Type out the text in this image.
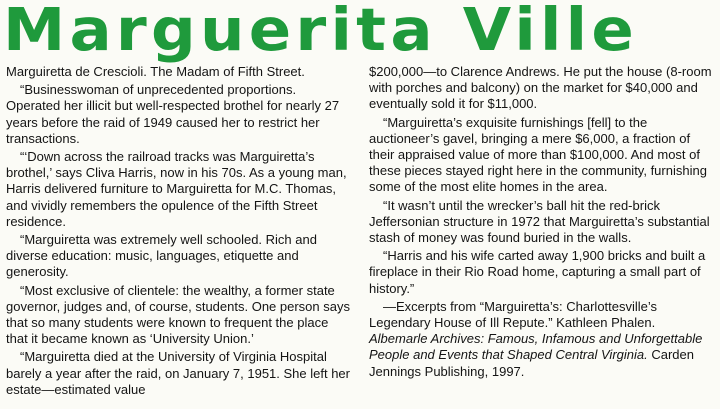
Marguerita Ville

Marguiretta de Crescioli. The Madam of Fifth Street.

“Businesswoman of unprecedented proportions. Operated her illicit but well-respected brothel for nearly 27 years before the raid of 1949 caused her to restrict her transactions.

“‘Down across the railroad tracks was Marguiretta’s brothel,’ says Cliva Harris, now in his 70s. As a young man, Harris delivered furniture to Marguiretta for M.C. Thomas, and vividly remembers the opulence of the Fifth Street residence.

“Marguiretta was extremely well schooled. Rich and diverse education: music, languages, etiquette and generosity.

“Most exclusive of clientele: the wealthy, a former state governor, judges and, of course, students. One person says that so many students were known to frequent the place that it became known as ‘University Union.’

“Marguiretta died at the University of Virginia Hospital barely a year after the raid, on January 7, 1951. She left her estate—estimated value

$200,000—to Clarence Andrews. He put the house (8-room with porches and balcony) on the market for $40,000 and eventually sold it for $11,000.

“Marguiretta’s exquisite furnishings [fell] to the auctioneer’s gavel, bringing a mere $6,000, a fraction of their appraised value of more than $100,000. And most of these pieces stayed right here in the community, furnishing some of the most elite homes in the area.

“It wasn’t until the wrecker’s ball hit the red-brick Jeffersonian structure in 1972 that Marguiretta’s substantial stash of money was found buried in the walls.

“Harris and his wife carted away 1,900 bricks and built a fireplace in their Rio Road home, capturing a small part of history.”

—Excerpts from “Marguiretta’s: Charlottesville’s Legendary House of Ill Repute.” Kathleen Phalen. Albemarle Archives: Famous, Infamous and Unforgettable People and Events that Shaped Central Virginia. Carden Jennings Publishing, 1997.
